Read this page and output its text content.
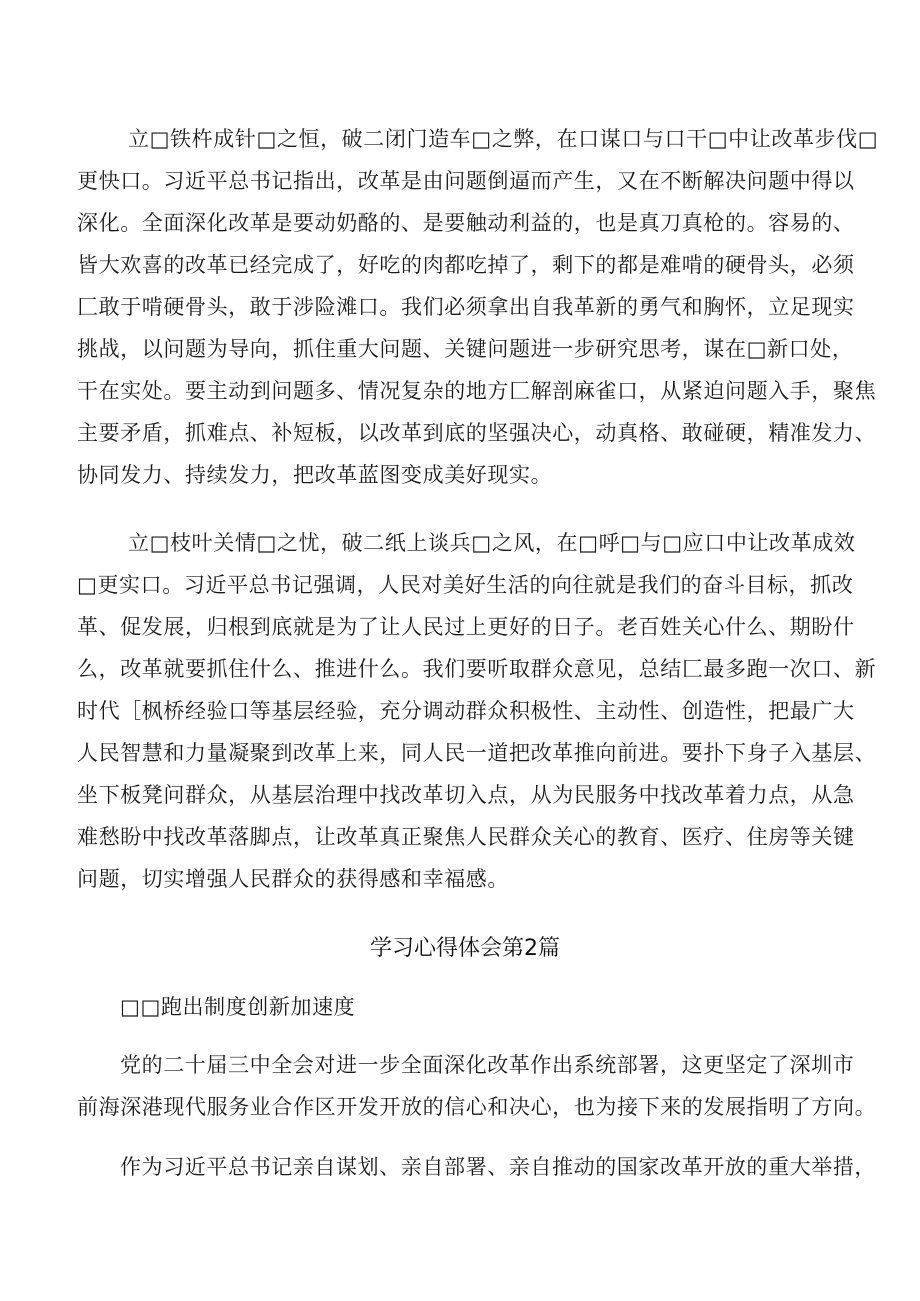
立□铁杵成针□之恒，破二闭门造车□之弊，在口谋口与口干□中让改革步伐□
更快口。习近平总书记指出，改革是由问题倒逼而产生，又在不断解决问题中得以
深化。全面深化改革是要动奶酪的、是要触动利益的，也是真刀真枪的。容易的、
皆大欢喜的改革已经完成了，好吃的肉都吃掉了，剩下的都是难啃的硬骨头，必须
匚敢于啃硬骨头，敢于涉险滩口。我们必须拿出自我革新的勇气和胸怀，立足现实
挑战，以问题为导向，抓住重大问题、关键问题进一步研究思考，谋在□新口处，
干在实处。要主动到问题多、情况复杂的地方匚解剖麻雀口，从紧迫问题入手，聚焦
主要矛盾，抓难点、补短板，以改革到底的坚强决心，动真格、敢碰硬，精准发力、
协同发力、持续发力，把改革蓝图变成美好现实。
立□枝叶关情□之忧，破二纸上谈兵□之风，在□呼□与□应口中让改革成效
□更实口。习近平总书记强调，人民对美好生活的向往就是我们的奋斗目标，抓改
革、促发展，归根到底就是为了让人民过上更好的日子。老百姓关心什么、期盼什
么，改革就要抓住什么、推进什么。我们要听取群众意见，总结匚最多跑一次口、新
时代［枫桥经验口等基层经验，充分调动群众积极性、主动性、创造性，把最广大
人民智慧和力量凝聚到改革上来，同人民一道把改革推向前进。要扑下身子入基层、
坐下板凳问群众，从基层治理中找改革切入点，从为民服务中找改革着力点，从急
难愁盼中找改革落脚点，让改革真正聚焦人民群众关心的教育、医疗、住房等关键
问题，切实增强人民群众的获得感和幸福感。
学习心得体会第2篇
□□跑出制度创新加速度
党的二十届三中全会对进一步全面深化改革作出系统部署，这更坚定了深圳市
前海深港现代服务业合作区开发开放的信心和决心，也为接下来的发展指明了方向。
作为习近平总书记亲自谋划、亲自部署、亲自推动的国家改革开放的重大举措，
